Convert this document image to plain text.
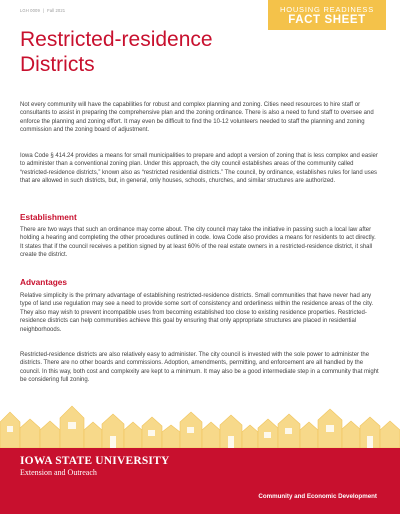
LGH 0009 | Fall 2021	HOUSING READINESS
FACT SHEET
Restricted-residence
Districts

Not every community will have the capabilities for robust and complex planning and zoning. Cities need resources to hire staff or consultants to assist in preparing the comprehensive plan and the zoning ordinance. There is also a need to fund staff to oversee and enforce the planning and zoning effort. It may even be difficult to find the 10-12 volunteers needed to staff the planning and zoning commission and the zoning board of adjustment.

Iowa Code § 414.24 provides a means for small municipalities to prepare and adopt a version of zoning that is less complex and easier to administer than a conventional zoning plan. Under this approach, the city council establishes areas of the community called “restricted-residence districts,” known also as “restricted residential districts.” The council, by ordinance, establishes rules for land uses that are allowed in such districts, but, in general, only houses, schools, churches, and similar structures are authorized.

Establishment

There are two ways that such an ordinance may come about. The city council may take the initiative in passing such a local law after holding a hearing and completing the other procedures outlined in code. Iowa Code also provides a means for residents to act directly. It states that if the council receives a petition signed by at least 60% of the real estate owners in a restricted-residence district, it shall create the district.

Advantages

Relative simplicity is the primary advantage of establishing restricted-residence districts. Small communities that have never had any type of land use regulation may see a need to provide some sort of consistency and orderliness within the residence areas of the city. They also may wish to prevent incompatible uses from becoming established too close to existing residence properties. Restricted-residence districts can help communities achieve this goal by ensuring that only appropriate structures are placed in residential neighborhoods.

Restricted-residence districts are also relatively easy to administer. The city council is invested with the sole power to administer the districts. There are no other boards and commissions. Adoption, amendments, permitting, and enforcement are all handled by the council. In this way, both cost and complexity are kept to a minimum. It may also be a good intermediate step in a community that might be considering full zoning.

IOWA STATE UNIVERSITY
Extension and Outreach
Community and Economic Development
